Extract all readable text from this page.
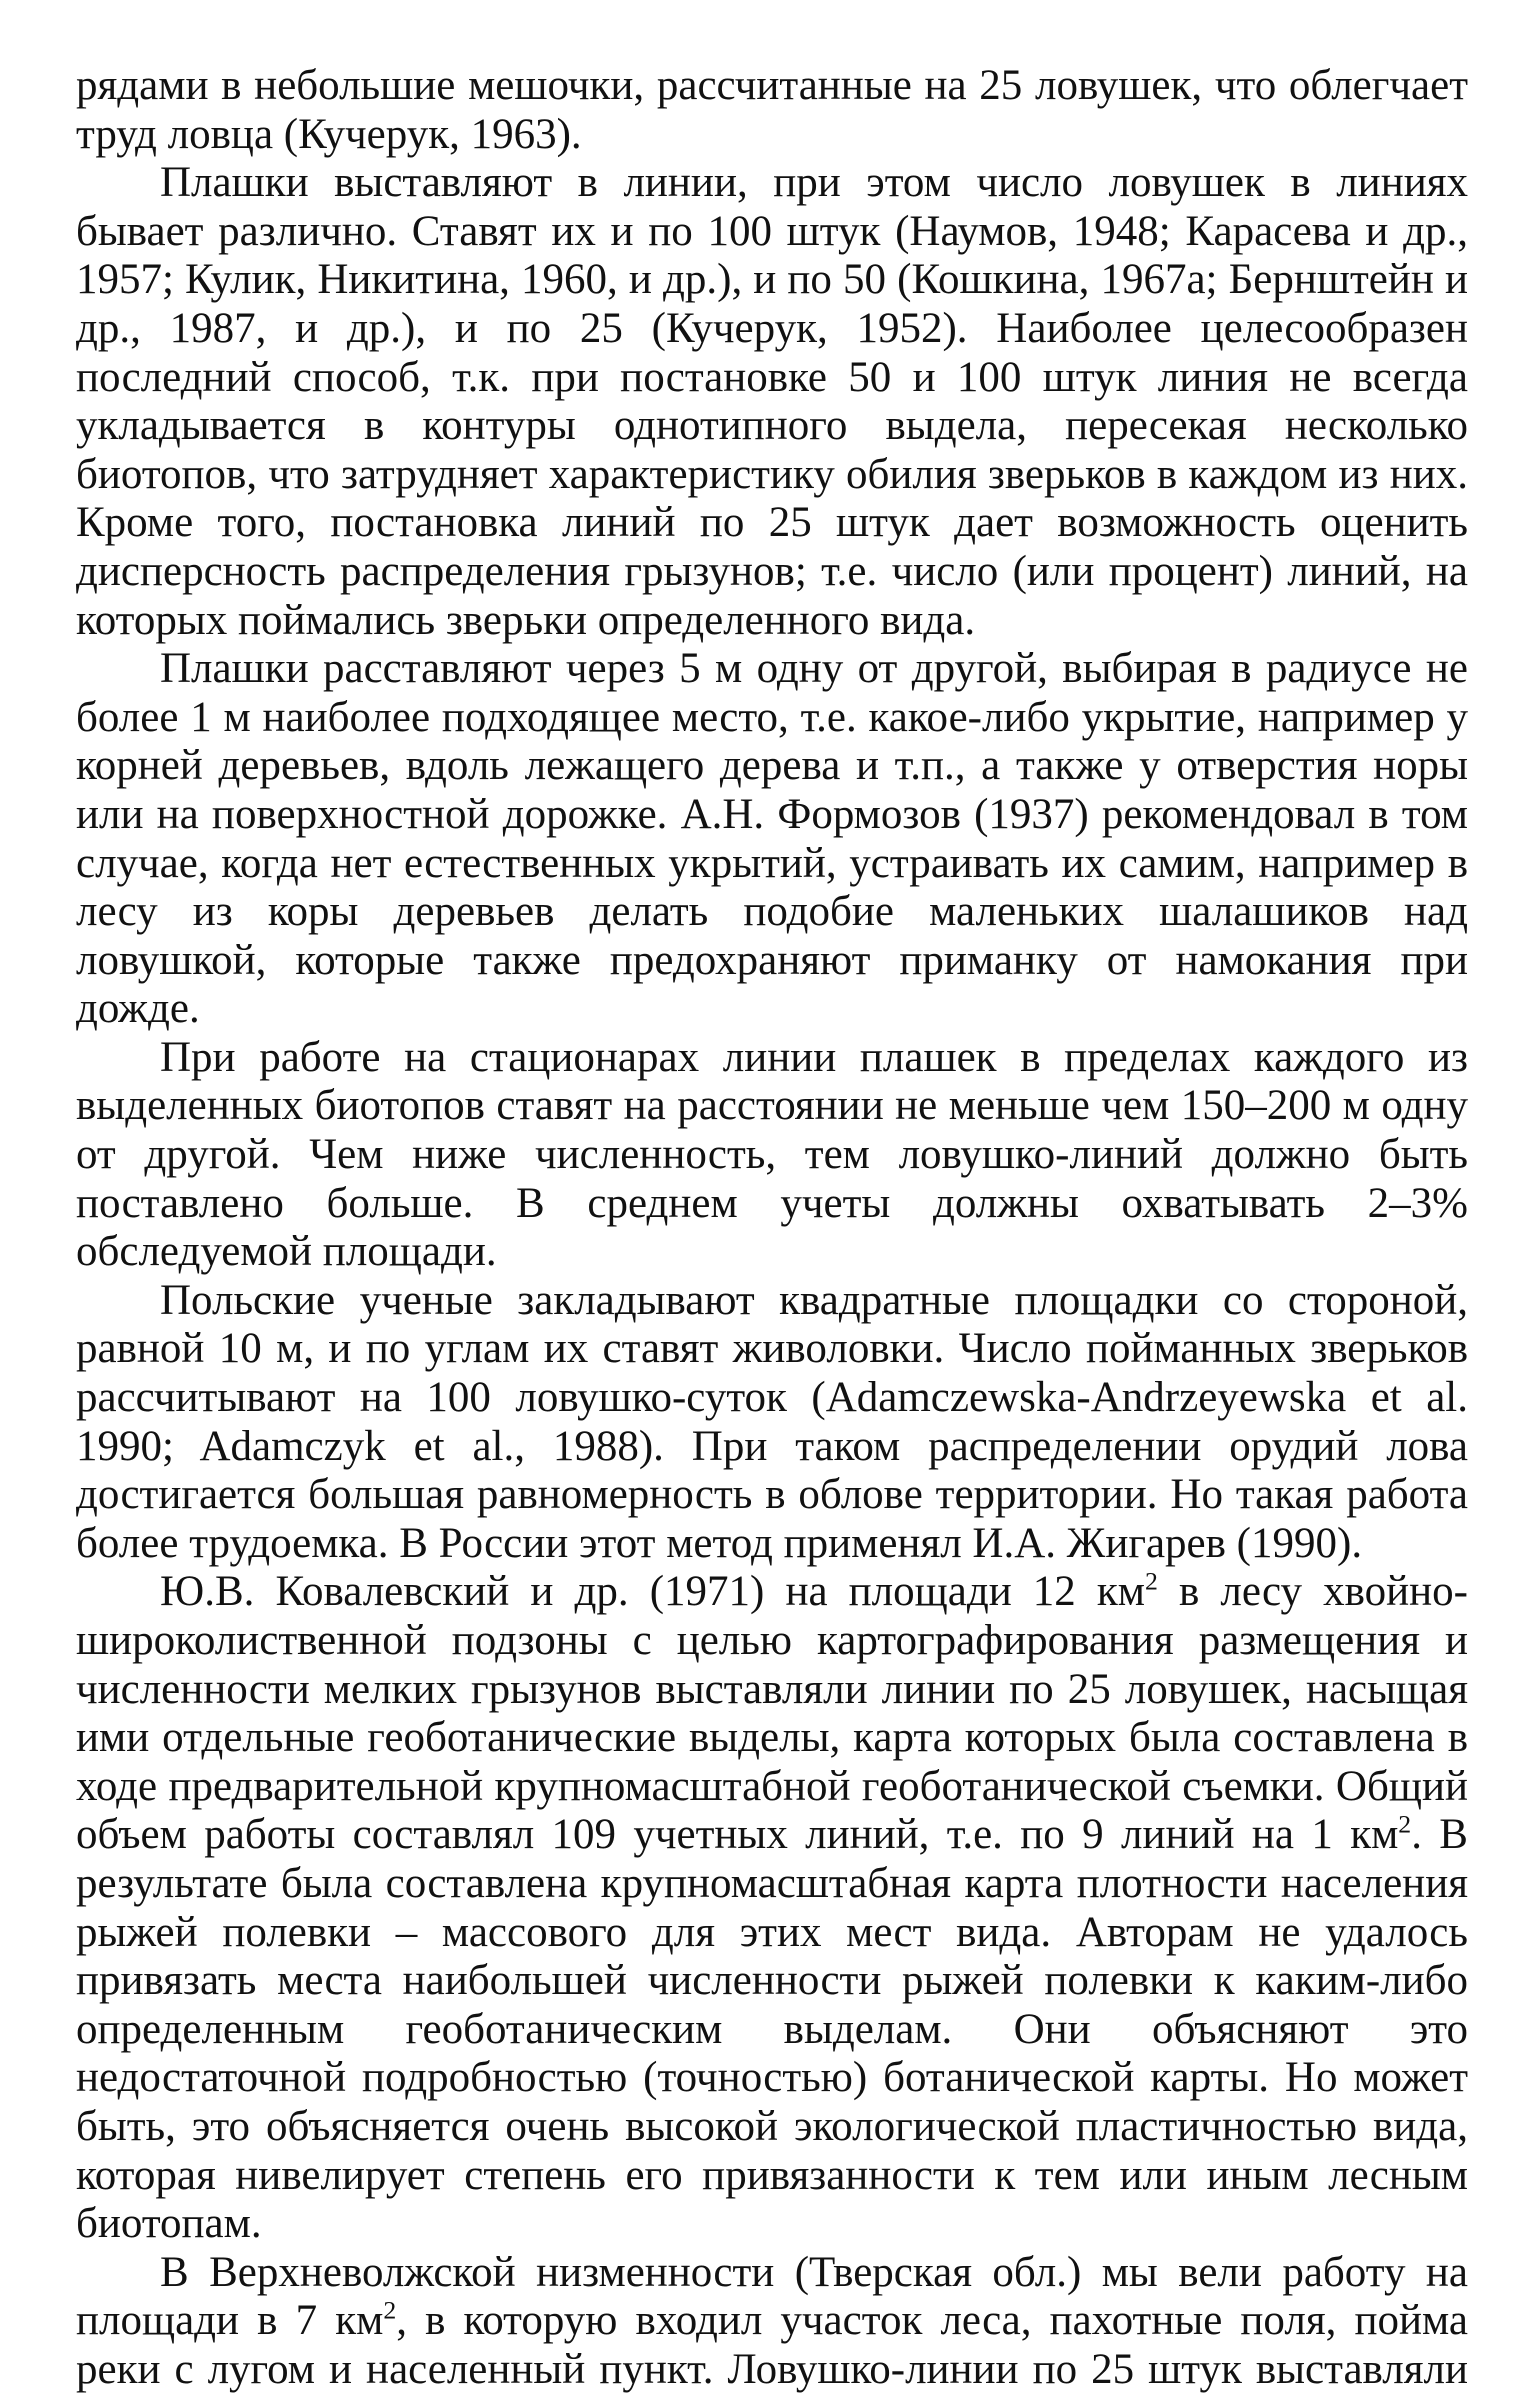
рядами в небольшие мешочки, рассчитанные на 25 ловушек, что облегчает труд ловца (Кучерук, 1963).

Плашки выставляют в линии, при этом число ловушек в линиях бывает различно. Ставят их и по 100 штук (Наумов, 1948; Карасева и др., 1957; Кулик, Никитина, 1960, и др.), и по 50 (Кошкина, 1967а; Бернштейн и др., 1987, и др.), и по 25 (Кучерук, 1952). Наиболее целесообразен последний способ, т.к. при постановке 50 и 100 штук линия не всегда укладывается в контуры однотипного выдела, пересекая несколько биотопов, что затрудняет характеристику обилия зверьков в каждом из них. Кроме того, постановка линий по 25 штук дает возможность оценить дисперсность распределения грызунов; т.е. число (или процент) линий, на которых поймались зверьки определенного вида.

Плашки расставляют через 5 м одну от другой, выбирая в радиусе не более 1 м наиболее подходящее место, т.е. какое-либо укрытие, например у корней деревьев, вдоль лежащего дерева и т.п., а также у отверстия норы или на поверхностной дорожке. А.Н. Формозов (1937) рекомендовал в том случае, когда нет естественных укрытий, устраивать их самим, например в лесу из коры деревьев делать подобие маленьких шалашиков над ловушкой, которые также предохраняют приманку от намокания при дожде.

При работе на стационарах линии плашек в пределах каждого из выделенных биотопов ставят на расстоянии не меньше чем 150–200 м одну от другой. Чем ниже численность, тем ловушко-линий должно быть поставлено больше. В среднем учеты должны охватывать 2–3% обследуемой площади.

Польские ученые закладывают квадратные площадки со стороной, равной 10 м, и по углам их ставят живоловки. Число пойманных зверьков рассчитывают на 100 ловушко-суток (Adamczewska-Andrzeyewska et al. 1990; Adamczyk et al., 1988). При таком распределении орудий лова достигается большая равномерность в облове территории. Но такая работа более трудоемка. В России этот метод применял И.А. Жигарев (1990).

Ю.В. Ковалевский и др. (1971) на площади 12 $км^2$ в лесу хвойно-широколиственной подзоны с целью картографирования размещения и численности мелких грызунов выставляли линии по 25 ловушек, насыщая ими отдельные геоботанические выделы, карта которых была составлена в ходе предварительной крупномасштабной геоботанической съемки. Общий объем работы составлял 109 учетных линий, т.е. по 9 линий на 1 $км^2$. В результате была составлена крупномасштабная карта плотности населения рыжей полевки – массового для этих мест вида. Авторам не удалось привязать места наибольшей численности рыжей полевки к каким-либо определенным геоботаническим выделам. Они объясняют это недостаточной подробностью (точностью) ботанической карты. Но может быть, это объясняется очень высокой экологической пластичностью вида, которая нивелирует степень его привязанности к тем или иным лесным биотопам.

В Верхневолжской низменности (Тверская обл.) мы вели работу на площади в 7 $км^2$, в которую входил участок леса, пахотные поля, пойма реки с лугом и населенный пункт. Ловушко-линии по 25 штук выставляли
